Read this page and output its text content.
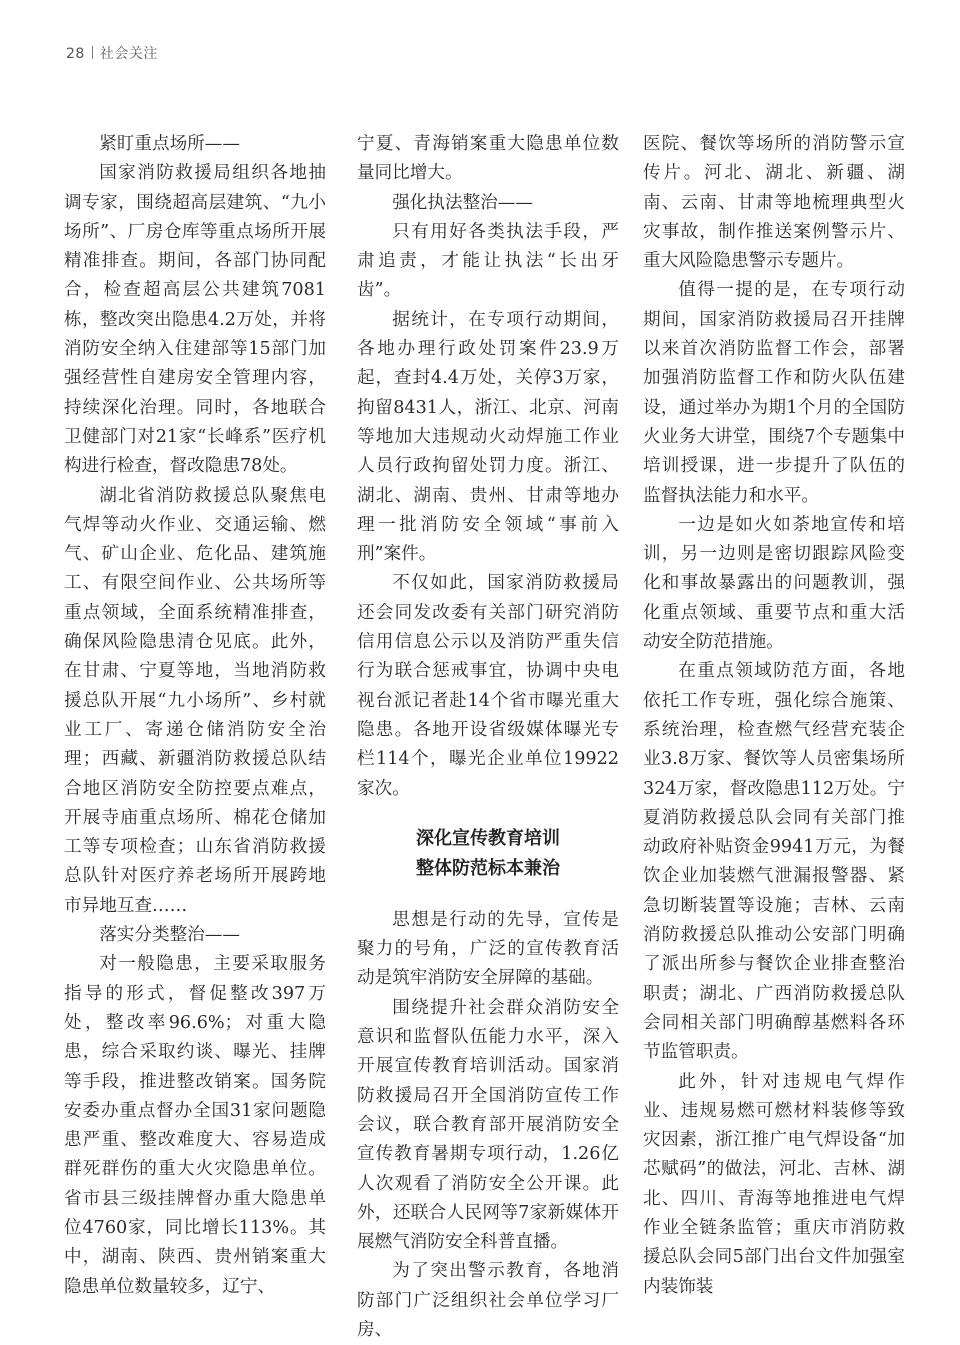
28 社会关注

紧盯重点场所——

国家消防救援局组织各地抽调专家，围绕超高层建筑、“九小场所”、厂房仓库等重点场所开展精准排查。期间，各部门协同配合，检查超高层公共建筑7081栋，整改突出隐患4.2万处，并将消防安全纳入住建部等15部门加强经营性自建房安全管理内容，持续深化治理。同时，各地联合卫健部门对21家“长峰系”医疗机构进行检查，督改隐患78处。

湖北省消防救援总队聚焦电气焊等动火作业、交通运输、燃气、矿山企业、危化品、建筑施工、有限空间作业、公共场所等重点领域，全面系统精准排查，确保风险隐患清仓见底。此外，在甘肃、宁夏等地，当地消防救援总队开展“九小场所”、乡村就业工厂、寄递仓储消防安全治理；西藏、新疆消防救援总队结合地区消防安全防控要点难点，开展寺庙重点场所、棉花仓储加工等专项检查；山东省消防救援总队针对医疗养老场所开展跨地市异地互查……

落实分类整治——

对一般隐患，主要采取服务指导的形式，督促整改397万处，整改率96.6%；对重大隐患，综合采取约谈、曝光、挂牌等手段，推进整改销案。国务院安委办重点督办全国31家问题隐患严重、整改难度大、容易造成群死群伤的重大火灾隐患单位。省市县三级挂牌督办重大隐患单位4760家，同比增长113%。其中，湖南、陕西、贵州销案重大隐患单位数量较多，辽宁、

宁夏、青海销案重大隐患单位数量同比增大。

强化执法整治——

只有用好各类执法手段，严肃追责，才能让执法“长出牙齿”。

据统计，在专项行动期间，各地办理行政处罚案件23.9万起，查封4.4万处，关停3万家，拘留8431人，浙江、北京、河南等地加大违规动火动焊施工作业人员行政拘留处罚力度。浙江、湖北、湖南、贵州、甘肃等地办理一批消防安全领域“事前入刑”案件。

不仅如此，国家消防救援局还会同发改委有关部门研究消防信用信息公示以及消防严重失信行为联合惩戒事宜，协调中央电视台派记者赴14个省市曝光重大隐患。各地开设省级媒体曝光专栏114个，曝光企业单位19922家次。

深化宣传教育培训
整体防范标本兼治

思想是行动的先导，宣传是聚力的号角，广泛的宣传教育活动是筑牢消防安全屏障的基础。

围绕提升社会群众消防安全意识和监督队伍能力水平，深入开展宣传教育培训活动。国家消防救援局召开全国消防宣传工作会议，联合教育部开展消防安全宣传教育暑期专项行动，1.26亿人次观看了消防安全公开课。此外，还联合人民网等7家新媒体开展燃气消防安全科普直播。

为了突出警示教育，各地消防部门广泛组织社会单位学习厂房、

医院、餐饮等场所的消防警示宣传片。河北、湖北、新疆、湖南、云南、甘肃等地梳理典型火灾事故，制作推送案例警示片、重大风险隐患警示专题片。

值得一提的是，在专项行动期间，国家消防救援局召开挂牌以来首次消防监督工作会，部署加强消防监督工作和防火队伍建设，通过举办为期1个月的全国防火业务大讲堂，围绕7个专题集中培训授课，进一步提升了队伍的监督执法能力和水平。

一边是如火如荼地宣传和培训，另一边则是密切跟踪风险变化和事故暴露出的问题教训，强化重点领域、重要节点和重大活动安全防范措施。

在重点领域防范方面，各地依托工作专班，强化综合施策、系统治理，检查燃气经营充装企业3.8万家、餐饮等人员密集场所324万家，督改隐患112万处。宁夏消防救援总队会同有关部门推动政府补贴资金9941万元，为餐饮企业加装燃气泄漏报警器、紧急切断装置等设施；吉林、云南消防救援总队推动公安部门明确了派出所参与餐饮企业排查整治职责；湖北、广西消防救援总队会同相关部门明确醇基燃料各环节监管职责。

此外，针对违规电气焊作业、违规易燃可燃材料装修等致灾因素，浙江推广电气焊设备“加芯赋码”的做法，河北、吉林、湖北、四川、青海等地推进电气焊作业全链条监管；重庆市消防救援总队会同5部门出台文件加强室内装饰装
